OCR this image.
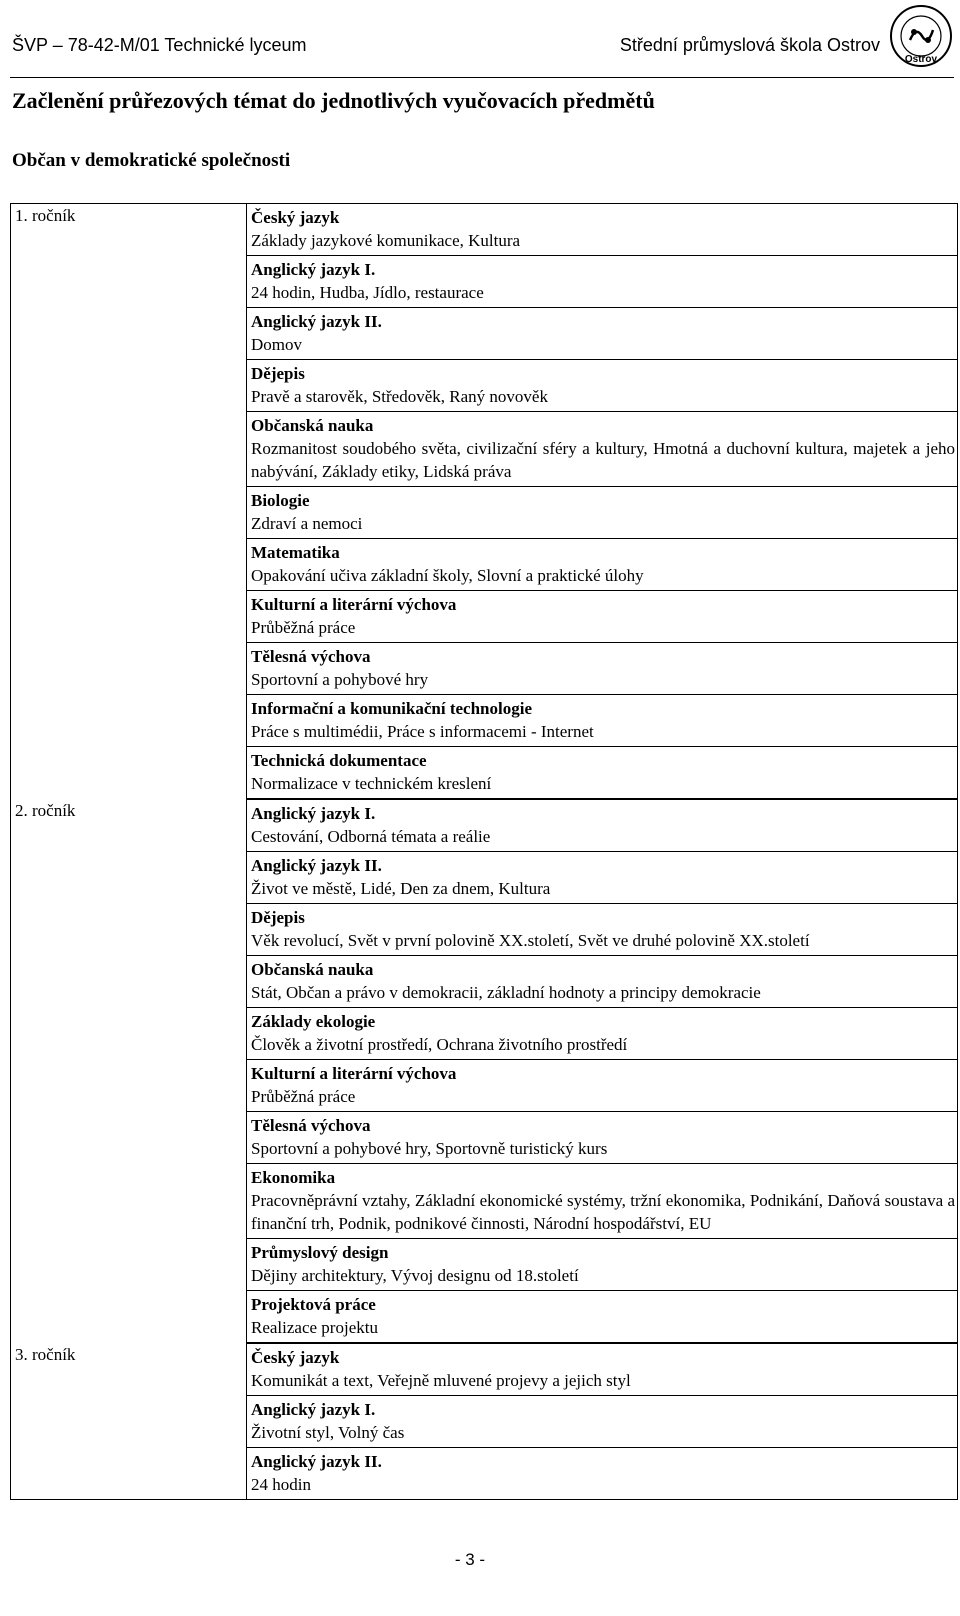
ŠVP – 78-42-M/01 Technické lyceum	Střední průmyslová škola Ostrov
Ostrov
Začlenění průřezových témat do jednotlivých vyučovacích předmětů
Občan v demokratické společnosti
1. ročník	Český jazyk
Základy jazykové komunikace, Kultura
Anglický jazyk I.
24 hodin, Hudba, Jídlo, restaurace
Anglický jazyk II.
Domov
Dějepis
Pravě a starověk, Středověk, Raný novověk
Občanská nauka
Rozmanitost soudobého světa, civilizační sféry a kultury, Hmotná a duchovní kultura, majetek a jeho nabývání, Základy etiky, Lidská práva
Biologie
Zdraví a nemoci
Matematika
Opakování učiva základní školy, Slovní a praktické úlohy
Kulturní a literární výchova
Průběžná práce
Tělesná výchova
Sportovní a pohybové hry
Informační a komunikační technologie
Práce s multimédii, Práce s informacemi - Internet
Technická dokumentace
Normalizace v technickém kreslení
2. ročník	Anglický jazyk I.
Cestování, Odborná témata a reálie
Anglický jazyk II.
Život ve městě, Lidé, Den za dnem, Kultura
Dějepis
Věk revolucí, Svět v první polovině XX.století, Svět ve druhé polovině XX.století
Občanská nauka
Stát, Občan a právo v demokracii, základní hodnoty a principy demokracie
Základy ekologie
Člověk a životní prostředí, Ochrana životního prostředí
Kulturní a literární výchova
Průběžná práce
Tělesná výchova
Sportovní a pohybové hry, Sportovně turistický kurs
Ekonomika
Pracovněprávní vztahy, Základní ekonomické systémy, tržní ekonomika, Podnikání, Daňová soustava a finanční trh, Podnik, podnikové činnosti, Národní hospodářství, EU
Průmyslový design
Dějiny architektury, Vývoj designu od 18.století
Projektová práce
Realizace projektu
3. ročník	Český jazyk
Komunikát a text, Veřejně mluvené projevy a jejich styl
Anglický jazyk I.
Životní styl, Volný čas
Anglický jazyk II.
24 hodin
- 3 -
